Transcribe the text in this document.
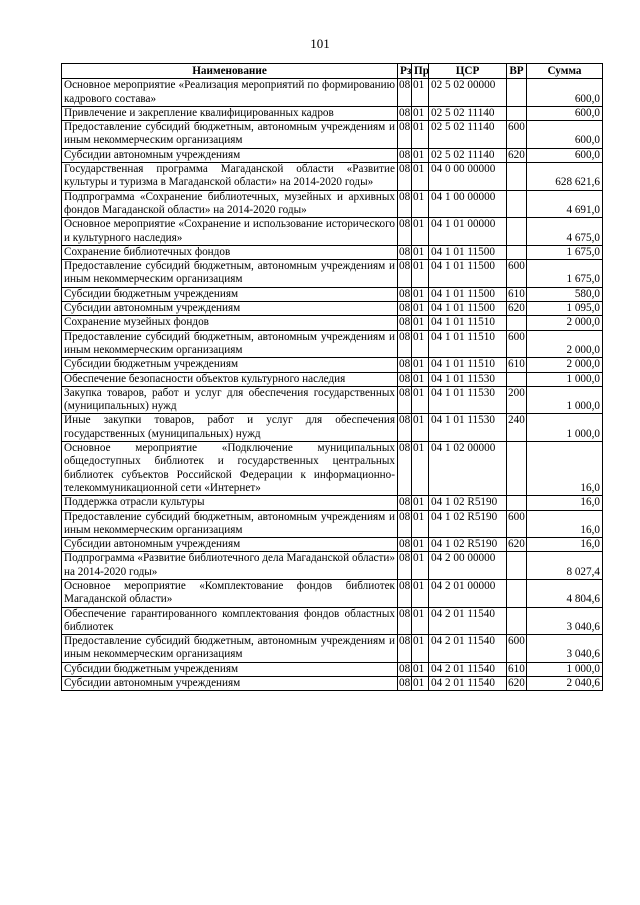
101
Наименование	Рз	Пр	ЦСР	ВР	Сумма
Основное мероприятие «Реализация мероприятий по формированию кадрового состава»	08	01	02 5 02 00000		600,0
Привлечение и закрепление квалифицированных кадров	08	01	02 5 02 11140		600,0
Предоставление субсидий бюджетным, автономным учреждениям и иным некоммерческим организациям	08	01	02 5 02 11140	600	600,0
Субсидии автономным учреждениям	08	01	02 5 02 11140	620	600,0
Государственная программа Магаданской области «Развитие культуры и туризма в Магаданской области» на 2014-2020 годы»	08	01	04 0 00 00000		628 621,6
Подпрограмма «Сохранение библиотечных, музейных и архивных фондов Магаданской области» на 2014-2020 годы»	08	01	04 1 00 00000		4 691,0
Основное мероприятие «Сохранение и использование исторического и культурного наследия»	08	01	04 1 01 00000		4 675,0
Сохранение библиотечных фондов	08	01	04 1 01 11500		1 675,0
Предоставление субсидий бюджетным, автономным учреждениям и иным некоммерческим организациям	08	01	04 1 01 11500	600	1 675,0
Субсидии бюджетным учреждениям	08	01	04 1 01 11500	610	580,0
Субсидии автономным учреждениям	08	01	04 1 01 11500	620	1 095,0
Сохранение музейных фондов	08	01	04 1 01 11510		2 000,0
Предоставление субсидий бюджетным, автономным учреждениям и иным некоммерческим организациям	08	01	04 1 01 11510	600	2 000,0
Субсидии бюджетным учреждениям	08	01	04 1 01 11510	610	2 000,0
Обеспечение безопасности объектов культурного наследия	08	01	04 1 01 11530		1 000,0
Закупка товаров, работ и услуг для обеспечения государственных (муниципальных) нужд	08	01	04 1 01 11530	200	1 000,0
Иные закупки товаров, работ и услуг для обеспечения государственных (муниципальных) нужд	08	01	04 1 01 11530	240	1 000,0
Основное мероприятие «Подключение муниципальных общедоступных библиотек и государственных центральных библиотек субъектов Российской Федерации к информационно-телекоммуникационной сети «Интернет»	08	01	04 1 02 00000		16,0
Поддержка отрасли культуры	08	01	04 1 02 R5190		16,0
Предоставление субсидий бюджетным, автономным учреждениям и иным некоммерческим организациям	08	01	04 1 02 R5190	600	16,0
Субсидии автономным учреждениям	08	01	04 1 02 R5190	620	16,0
Подпрограмма «Развитие библиотечного дела Магаданской области» на 2014-2020 годы»	08	01	04 2 00 00000		8 027,4
Основное мероприятие «Комплектование фондов библиотек Магаданской области»	08	01	04 2 01 00000		4 804,6
Обеспечение гарантированного комплектования фондов областных библиотек	08	01	04 2 01 11540		3 040,6
Предоставление субсидий бюджетным, автономным учреждениям и иным некоммерческим организациям	08	01	04 2 01 11540	600	3 040,6
Субсидии бюджетным учреждениям	08	01	04 2 01 11540	610	1 000,0
Субсидии автономным учреждениям	08	01	04 2 01 11540	620	2 040,6
